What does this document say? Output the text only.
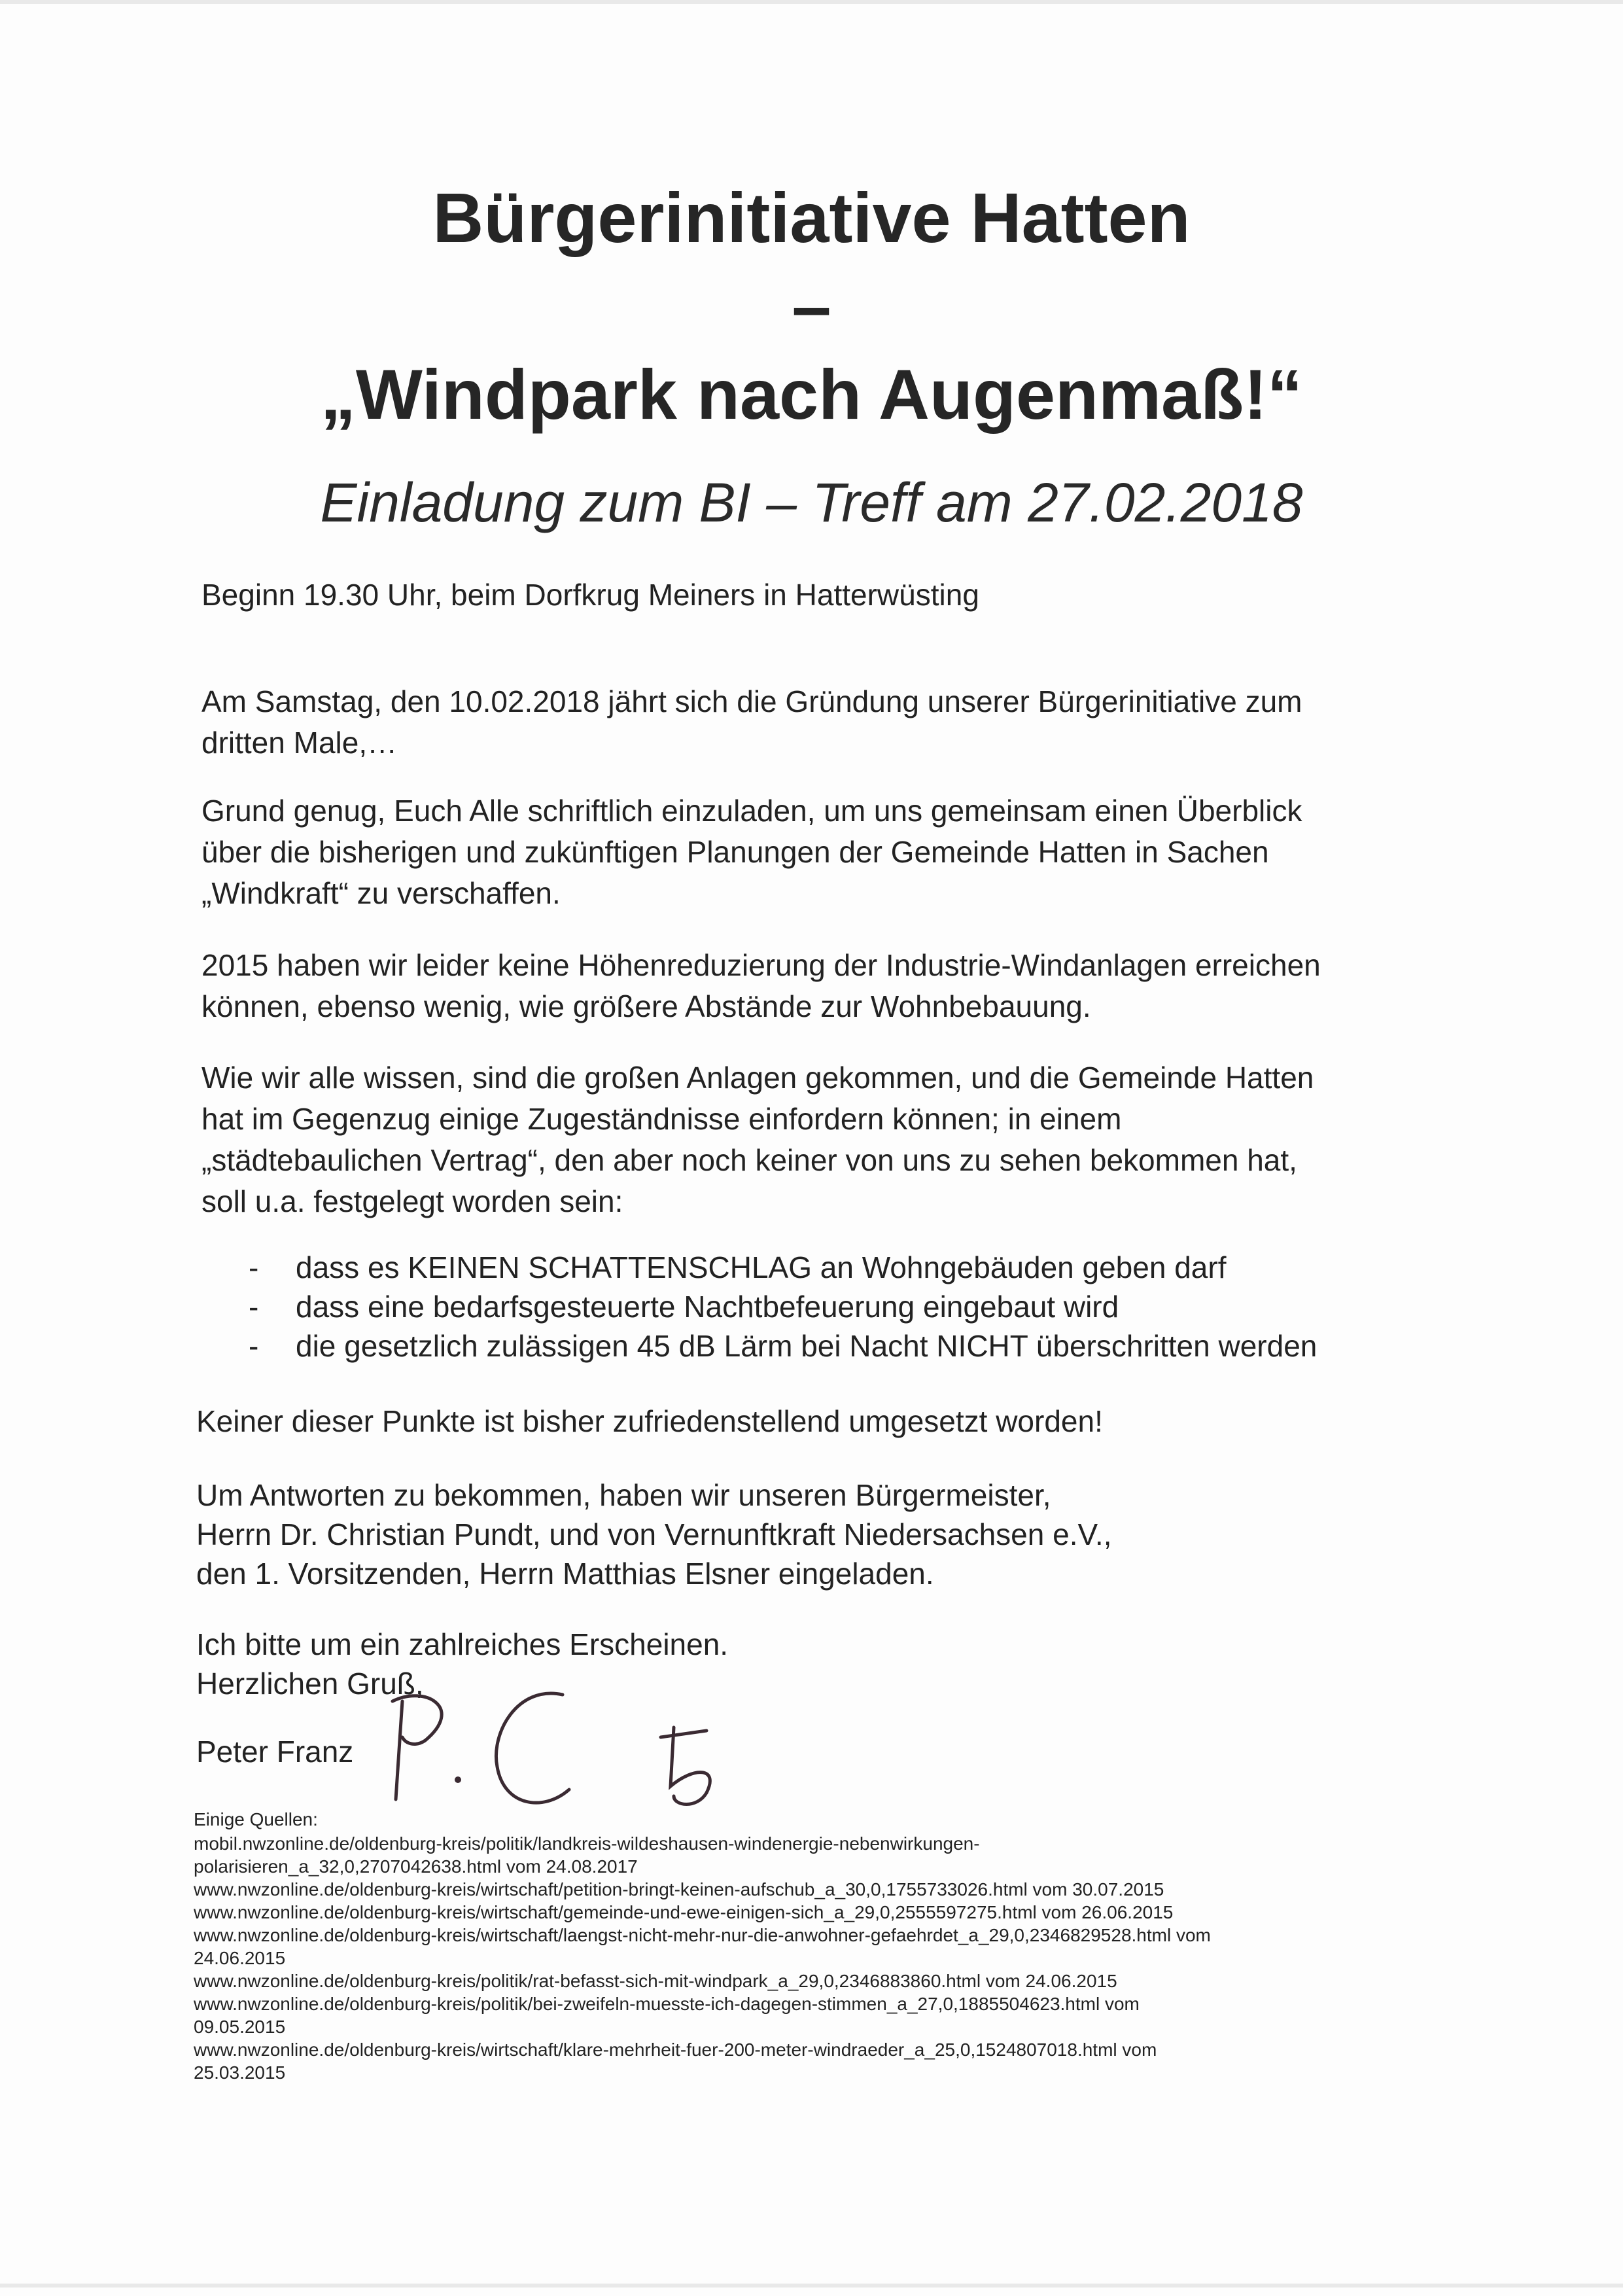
Bürgerinitiative Hatten
–
„Windpark nach Augenmaß!“
Einladung zum BI – Treff am 27.02.2018
Beginn 19.30 Uhr, beim Dorfkrug Meiners in Hatterwüsting
Am Samstag, den 10.02.2018 jährt sich die Gründung unserer Bürgerinitiative zum
dritten Male,…
Grund genug, Euch Alle schriftlich einzuladen, um uns gemeinsam einen Überblick
über die bisherigen und zukünftigen Planungen der Gemeinde Hatten in Sachen
„Windkraft“ zu verschaffen.
2015 haben wir leider keine Höhenreduzierung der Industrie-Windanlagen erreichen
können, ebenso wenig, wie größere Abstände zur Wohnbebauung.
Wie wir alle wissen, sind die großen Anlagen gekommen, und die Gemeinde Hatten
hat im Gegenzug einige Zugeständnisse einfordern können; in einem
„städtebaulichen Vertrag“, den aber noch keiner von uns zu sehen bekommen hat,
soll u.a. festgelegt worden sein:
- dass es KEINEN SCHATTENSCHLAG an Wohngebäuden geben darf
- dass eine bedarfsgesteuerte Nachtbefeuerung eingebaut wird
- die gesetzlich zulässigen 45 dB Lärm bei Nacht NICHT überschritten werden
Keiner dieser Punkte ist bisher zufriedenstellend umgesetzt worden!
Um Antworten zu bekommen, haben wir unseren Bürgermeister,
Herrn Dr. Christian Pundt, und von Vernunftkraft Niedersachsen e.V.,
den 1. Vorsitzenden, Herrn Matthias Elsner eingeladen.
Ich bitte um ein zahlreiches Erscheinen.
Herzlichen Gruß,
Peter Franz
Einige Quellen:
mobil.nwzonline.de/oldenburg-kreis/politik/landkreis-wildeshausen-windenergie-nebenwirkungen-
polarisieren_a_32,0,2707042638.html vom 24.08.2017
www.nwzonline.de/oldenburg-kreis/wirtschaft/petition-bringt-keinen-aufschub_a_30,0,1755733026.html vom 30.07.2015
www.nwzonline.de/oldenburg-kreis/wirtschaft/gemeinde-und-ewe-einigen-sich_a_29,0,2555597275.html vom 26.06.2015
www.nwzonline.de/oldenburg-kreis/wirtschaft/laengst-nicht-mehr-nur-die-anwohner-gefaehrdet_a_29,0,2346829528.html vom
24.06.2015
www.nwzonline.de/oldenburg-kreis/politik/rat-befasst-sich-mit-windpark_a_29,0,2346883860.html vom 24.06.2015
www.nwzonline.de/oldenburg-kreis/politik/bei-zweifeln-muesste-ich-dagegen-stimmen_a_27,0,1885504623.html vom
09.05.2015
www.nwzonline.de/oldenburg-kreis/wirtschaft/klare-mehrheit-fuer-200-meter-windraeder_a_25,0,1524807018.html vom
25.03.2015
